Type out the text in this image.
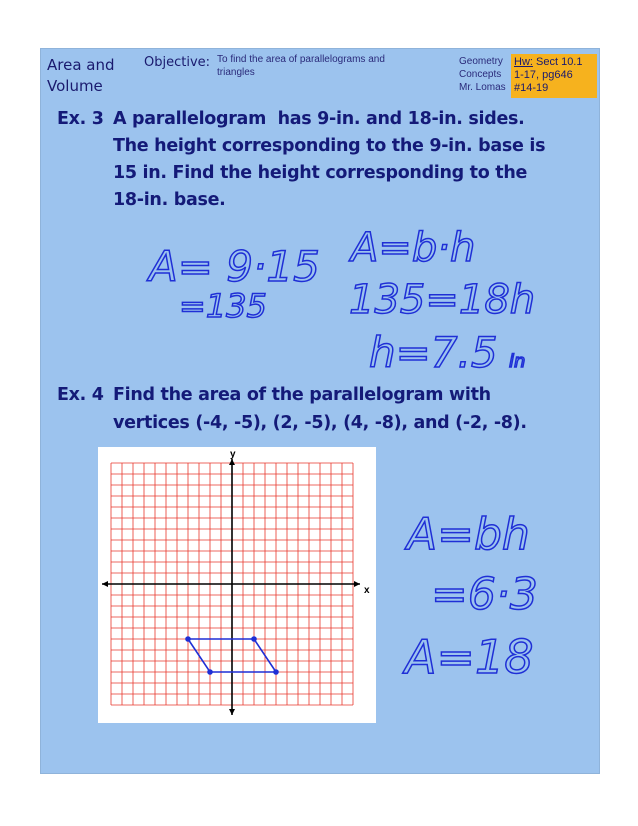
Area and
Volume
Objective: To find the area of parallelograms and
triangles
Geometry
Concepts
Mr. Lomas
Hw: Sect 10.1
1-17, pg646
#14-19
Ex. 3 A parallelogram  has 9-in. and 18-in. sides.
The height corresponding to the 9-in. base is
15 in. Find the height corresponding to the
18-in. base.
Ex. 4 Find the area of the parallelogram with
vertices (-4, -5), (2, -5), (4, -8), and (-2, -8).
x
y
A= 9·15
=135
A=b·h
135=18h
h=7.5 in
A=bh
=6·3
A=18
